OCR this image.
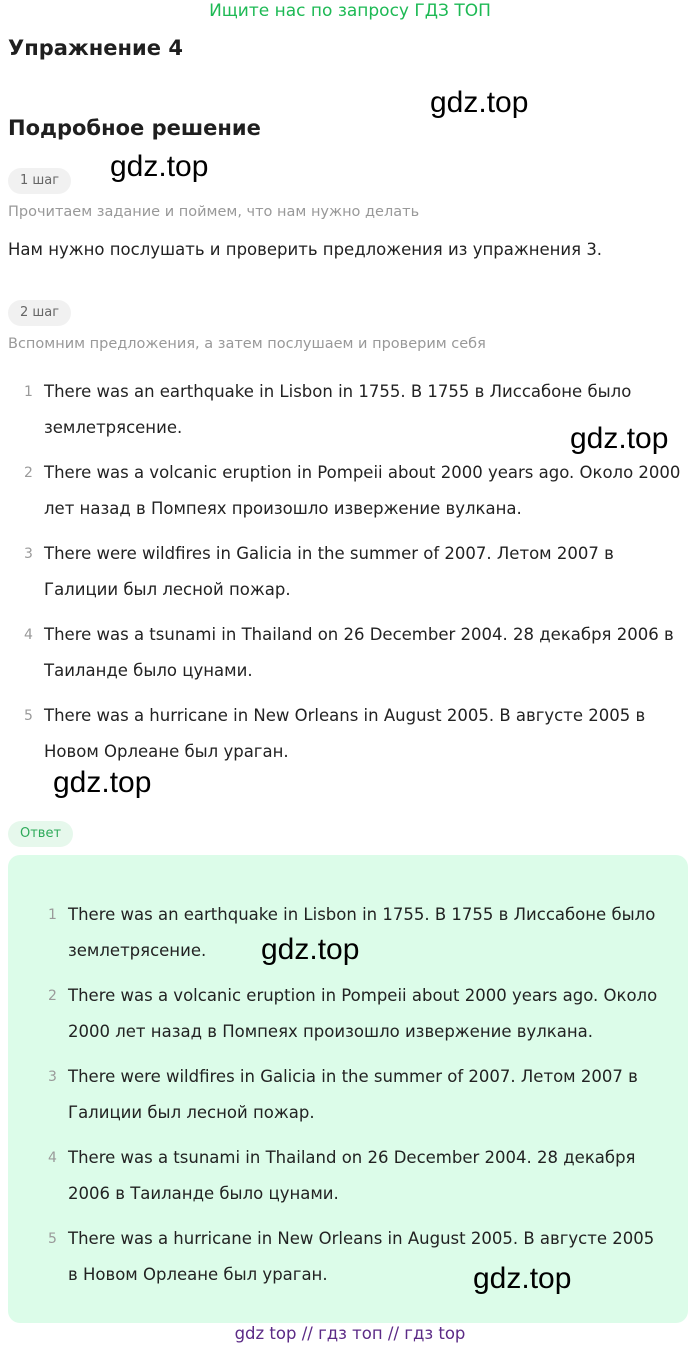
Ищите нас по запросу ГДЗ ТОП
Упражнение 4
gdz.top
Подробное решение
1 шаг	gdz.top
Прочитаем задание и поймем, что нам нужно делать
Нам нужно послушать и проверить предложения из упражнения 3.
2 шаг
Вспомним предложения, а затем послушаем и проверим себя
1 There was an earthquake in Lisbon in 1755. В 1755 в Лиссабоне было землетрясение.
2 There was a volcanic eruption in Pompeii about 2000 years ago. Около 2000 лет назад в Помпеях произошло извержение вулкана.
3 There were wildfires in Galicia in the summer of 2007. Летом 2007 в Галиции был лесной пожар.
4 There was a tsunami in Thailand on 26 December 2004. 28 декабря 2006 в Таиланде было цунами.
5 There was a hurricane in New Orleans in August 2005. В августе 2005 в Новом Орлеане был ураган.
gdz.top
gdz.top
Ответ
1 There was an earthquake in Lisbon in 1755. В 1755 в Лиссабоне было землетрясение.
2 There was a volcanic eruption in Pompeii about 2000 years ago. Около 2000 лет назад в Помпеях произошло извержение вулкана.
3 There were wildfires in Galicia in the summer of 2007. Летом 2007 в Галиции был лесной пожар.
4 There was a tsunami in Thailand on 26 December 2004. 28 декабря 2006 в Таиланде было цунами.
5 There was a hurricane in New Orleans in August 2005. В августе 2005 в Новом Орлеане был ураган.
gdz.top
gdz.top
gdz top // гдз топ // гдз top
